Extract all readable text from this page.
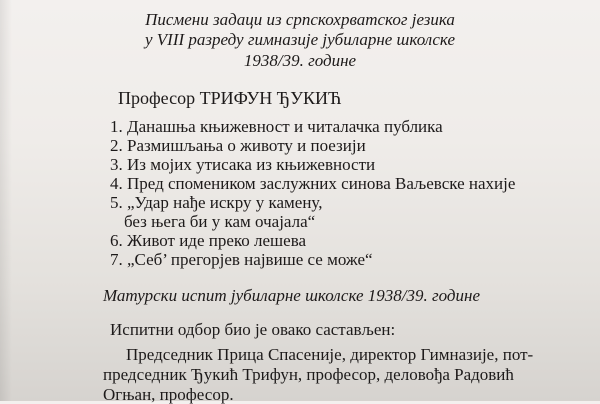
Писмени задаци из српскохрватског језика
у VIII разреду гимназије јубиларне школске
1938/39. године
Професор ТРИФУН ЂУКИЋ
1. Данашња књижевност и читалачка публика
2. Размишљања о животу и поезији
3. Из мојих утисака из књижевности
4. Пред спомеником заслужних синова Ваљевске нахије
5. „Удар нађе искру у камену,
без њега би у кам очајала“
6. Живот иде преко лешева
7. „Себ’ прегорјев највише се може“
Матурски испит јубиларне школске 1938/39. године
Испитни одбор био је овако састављен:
Председник Прица Спасеније, директор Гимназије, пот-
председник Ђукић Трифун, професор, деловођа Радовић
Огњан, професор.
